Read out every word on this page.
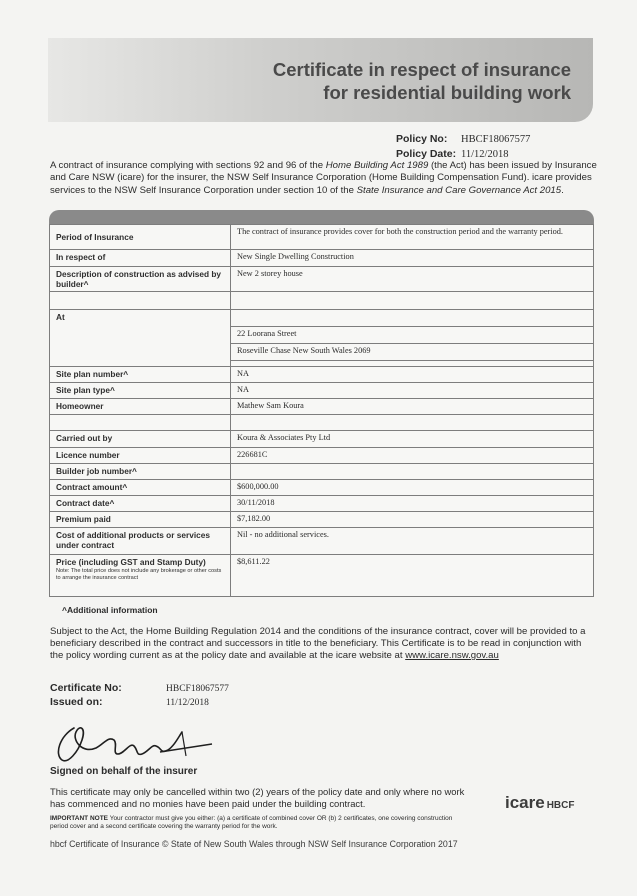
Certificate in respect of insurance
for residential building work
Policy No: HBCF18067577
Policy Date: 11/12/2018
A contract of insurance complying with sections 92 and 96 of the Home Building Act 1989 (the Act) has been issued by Insurance and Care NSW (icare) for the insurer, the NSW Self Insurance Corporation (Home Building Compensation Fund). icare provides services to the NSW Self Insurance Corporation under section 10 of the State Insurance and Care Governance Act 2015.
Period of Insurance	The contract of insurance provides cover for both the construction period and the warranty period.
In respect of	New Single Dwelling Construction
Description of construction as advised by builder^	New 2 storey house

At	
	22 Loorana Street
	Roseville Chase New South Wales 2069

Site plan number^	NA
Site plan type^	NA
Homeowner	Mathew Sam Koura

Carried out by	Koura & Associates Pty Ltd
Licence number	226681C
Builder job number^	
Contract amount^	$600,000.00
Contract date^	30/11/2018
Premium paid	$7,182.00
Cost of additional products or services under contract	Nil - no additional services.
Price (including GST and Stamp Duty)
Note: The total price does not include any brokerage or other costs to arrange the insurance contract	$8,611.22
^Additional information
Subject to the Act, the Home Building Regulation 2014 and the conditions of the insurance contract, cover will be provided to a beneficiary described in the contract and successors in title to the beneficiary. This Certificate is to be read in conjunction with the policy wording current as at the policy date and available at the icare website at www.icare.nsw.gov.au
Certificate No:	HBCF18067577
Issued on:	11/12/2018
Signed on behalf of the insurer
This certificate may only be cancelled within two (2) years of the policy date and only where no work has commenced and no monies have been paid under the building contract.
IMPORTANT NOTE Your contractor must give you either: (a) a certificate of combined cover OR (b) 2 certificates, one covering construction period cover and a second certificate covering the warranty period for the work.
icare HBCF
hbcf Certificate of Insurance © State of New South Wales through NSW Self Insurance Corporation 2017
